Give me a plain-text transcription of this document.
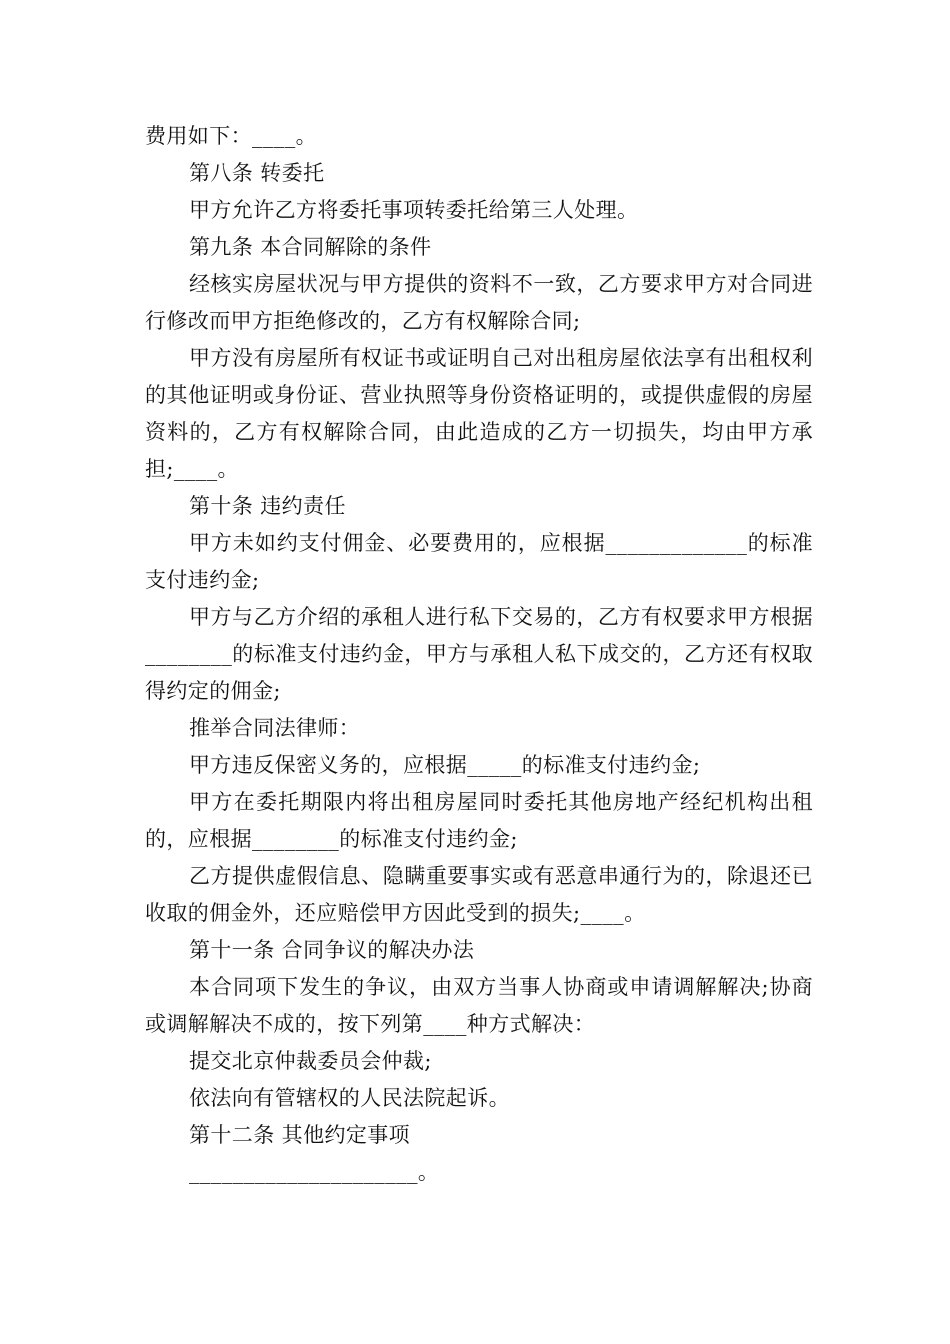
费用如下：____。

第八条 转委托

甲方允许乙方将委托事项转委托给第三人处理。

第九条 本合同解除的条件

经核实房屋状况与甲方提供的资料不一致，乙方要求甲方对合同进行修改而甲方拒绝修改的，乙方有权解除合同;

甲方没有房屋所有权证书或证明自己对出租房屋依法享有出租权利的其他证明或身份证、营业执照等身份资格证明的，或提供虚假的房屋资料的，乙方有权解除合同，由此造成的乙方一切损失，均由甲方承担;____。

第十条 违约责任

甲方未如约支付佣金、必要费用的，应根据_____________的标准支付违约金;

甲方与乙方介绍的承租人进行私下交易的，乙方有权要求甲方根据________的标准支付违约金，甲方与承租人私下成交的，乙方还有权取得约定的佣金;

推举合同法律师：

甲方违反保密义务的，应根据_____的标准支付违约金;

甲方在委托期限内将出租房屋同时委托其他房地产经纪机构出租的，应根据________的标准支付违约金;

乙方提供虚假信息、隐瞒重要事实或有恶意串通行为的，除退还已收取的佣金外，还应赔偿甲方因此受到的损失;____。

第十一条 合同争议的解决办法

本合同项下发生的争议，由双方当事人协商或申请调解解决;协商或调解解决不成的，按下列第____种方式解决：

提交北京仲裁委员会仲裁;

依法向有管辖权的人民法院起诉。

第十二条 其他约定事项

_____________________。
